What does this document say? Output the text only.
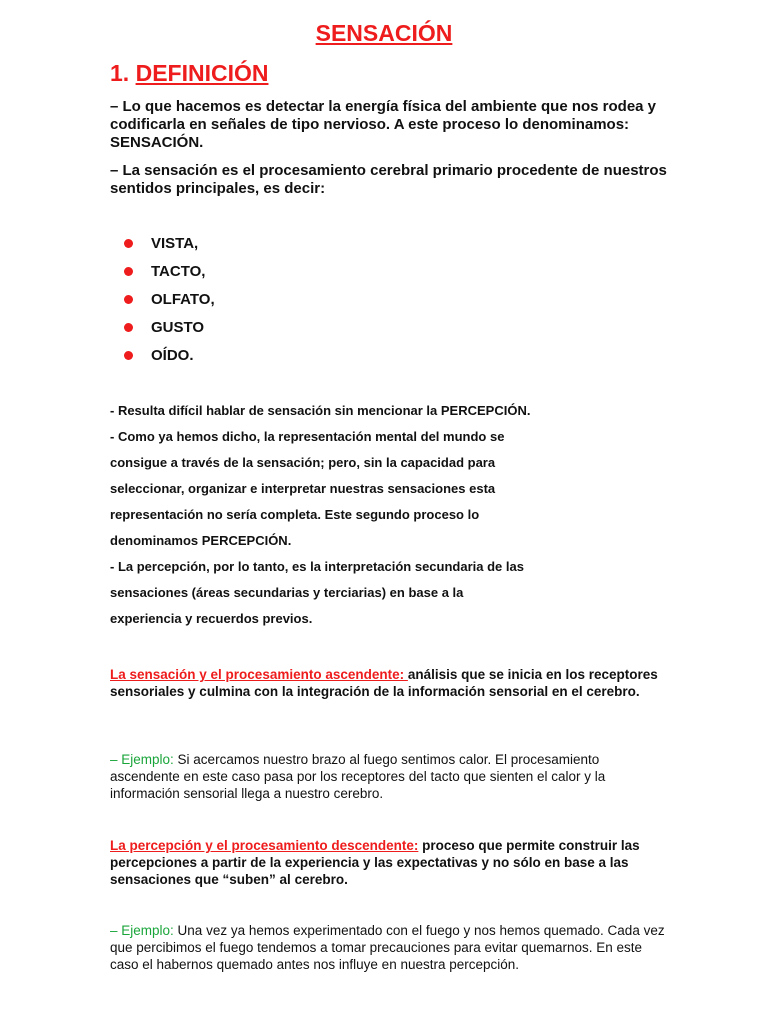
SENSACIÓN
1. DEFINICIÓN
– Lo que hacemos es detectar la energía física del ambiente que nos rodea y codificarla en señales de tipo nervioso. A este proceso lo denominamos: SENSACIÓN.
– La sensación es el procesamiento cerebral primario procedente de nuestros sentidos principales, es decir:
VISTA,
TACTO,
OLFATO,
GUSTO
OÍDO.
- Resulta difícil hablar de sensación sin mencionar la PERCEPCIÓN.
- Como ya hemos dicho, la representación mental del mundo se
consigue a través de la sensación; pero, sin la capacidad para
seleccionar, organizar e interpretar nuestras sensaciones esta
representación no sería completa. Este segundo proceso lo
denominamos PERCEPCIÓN.
- La percepción, por lo tanto, es la interpretación secundaria de las
sensaciones (áreas secundarias y terciarias) en base a la
experiencia y recuerdos previos.
La sensación y el procesamiento ascendente: análisis que se inicia en los receptores sensoriales y culmina con la integración de la información sensorial en el cerebro.
– Ejemplo: Si acercamos nuestro brazo al fuego sentimos calor. El procesamiento ascendente en este caso pasa por los receptores del tacto que sienten el calor y la información sensorial llega a nuestro cerebro.
La percepción y el procesamiento descendente: proceso que permite construir las percepciones a partir de la experiencia y las expectativas y no sólo en base a las sensaciones que “suben” al cerebro.
– Ejemplo: Una vez ya hemos experimentado con el fuego y nos hemos quemado. Cada vez que percibimos el fuego tendemos a tomar precauciones para evitar quemarnos. En este caso el habernos quemado antes nos influye en nuestra percepción.
